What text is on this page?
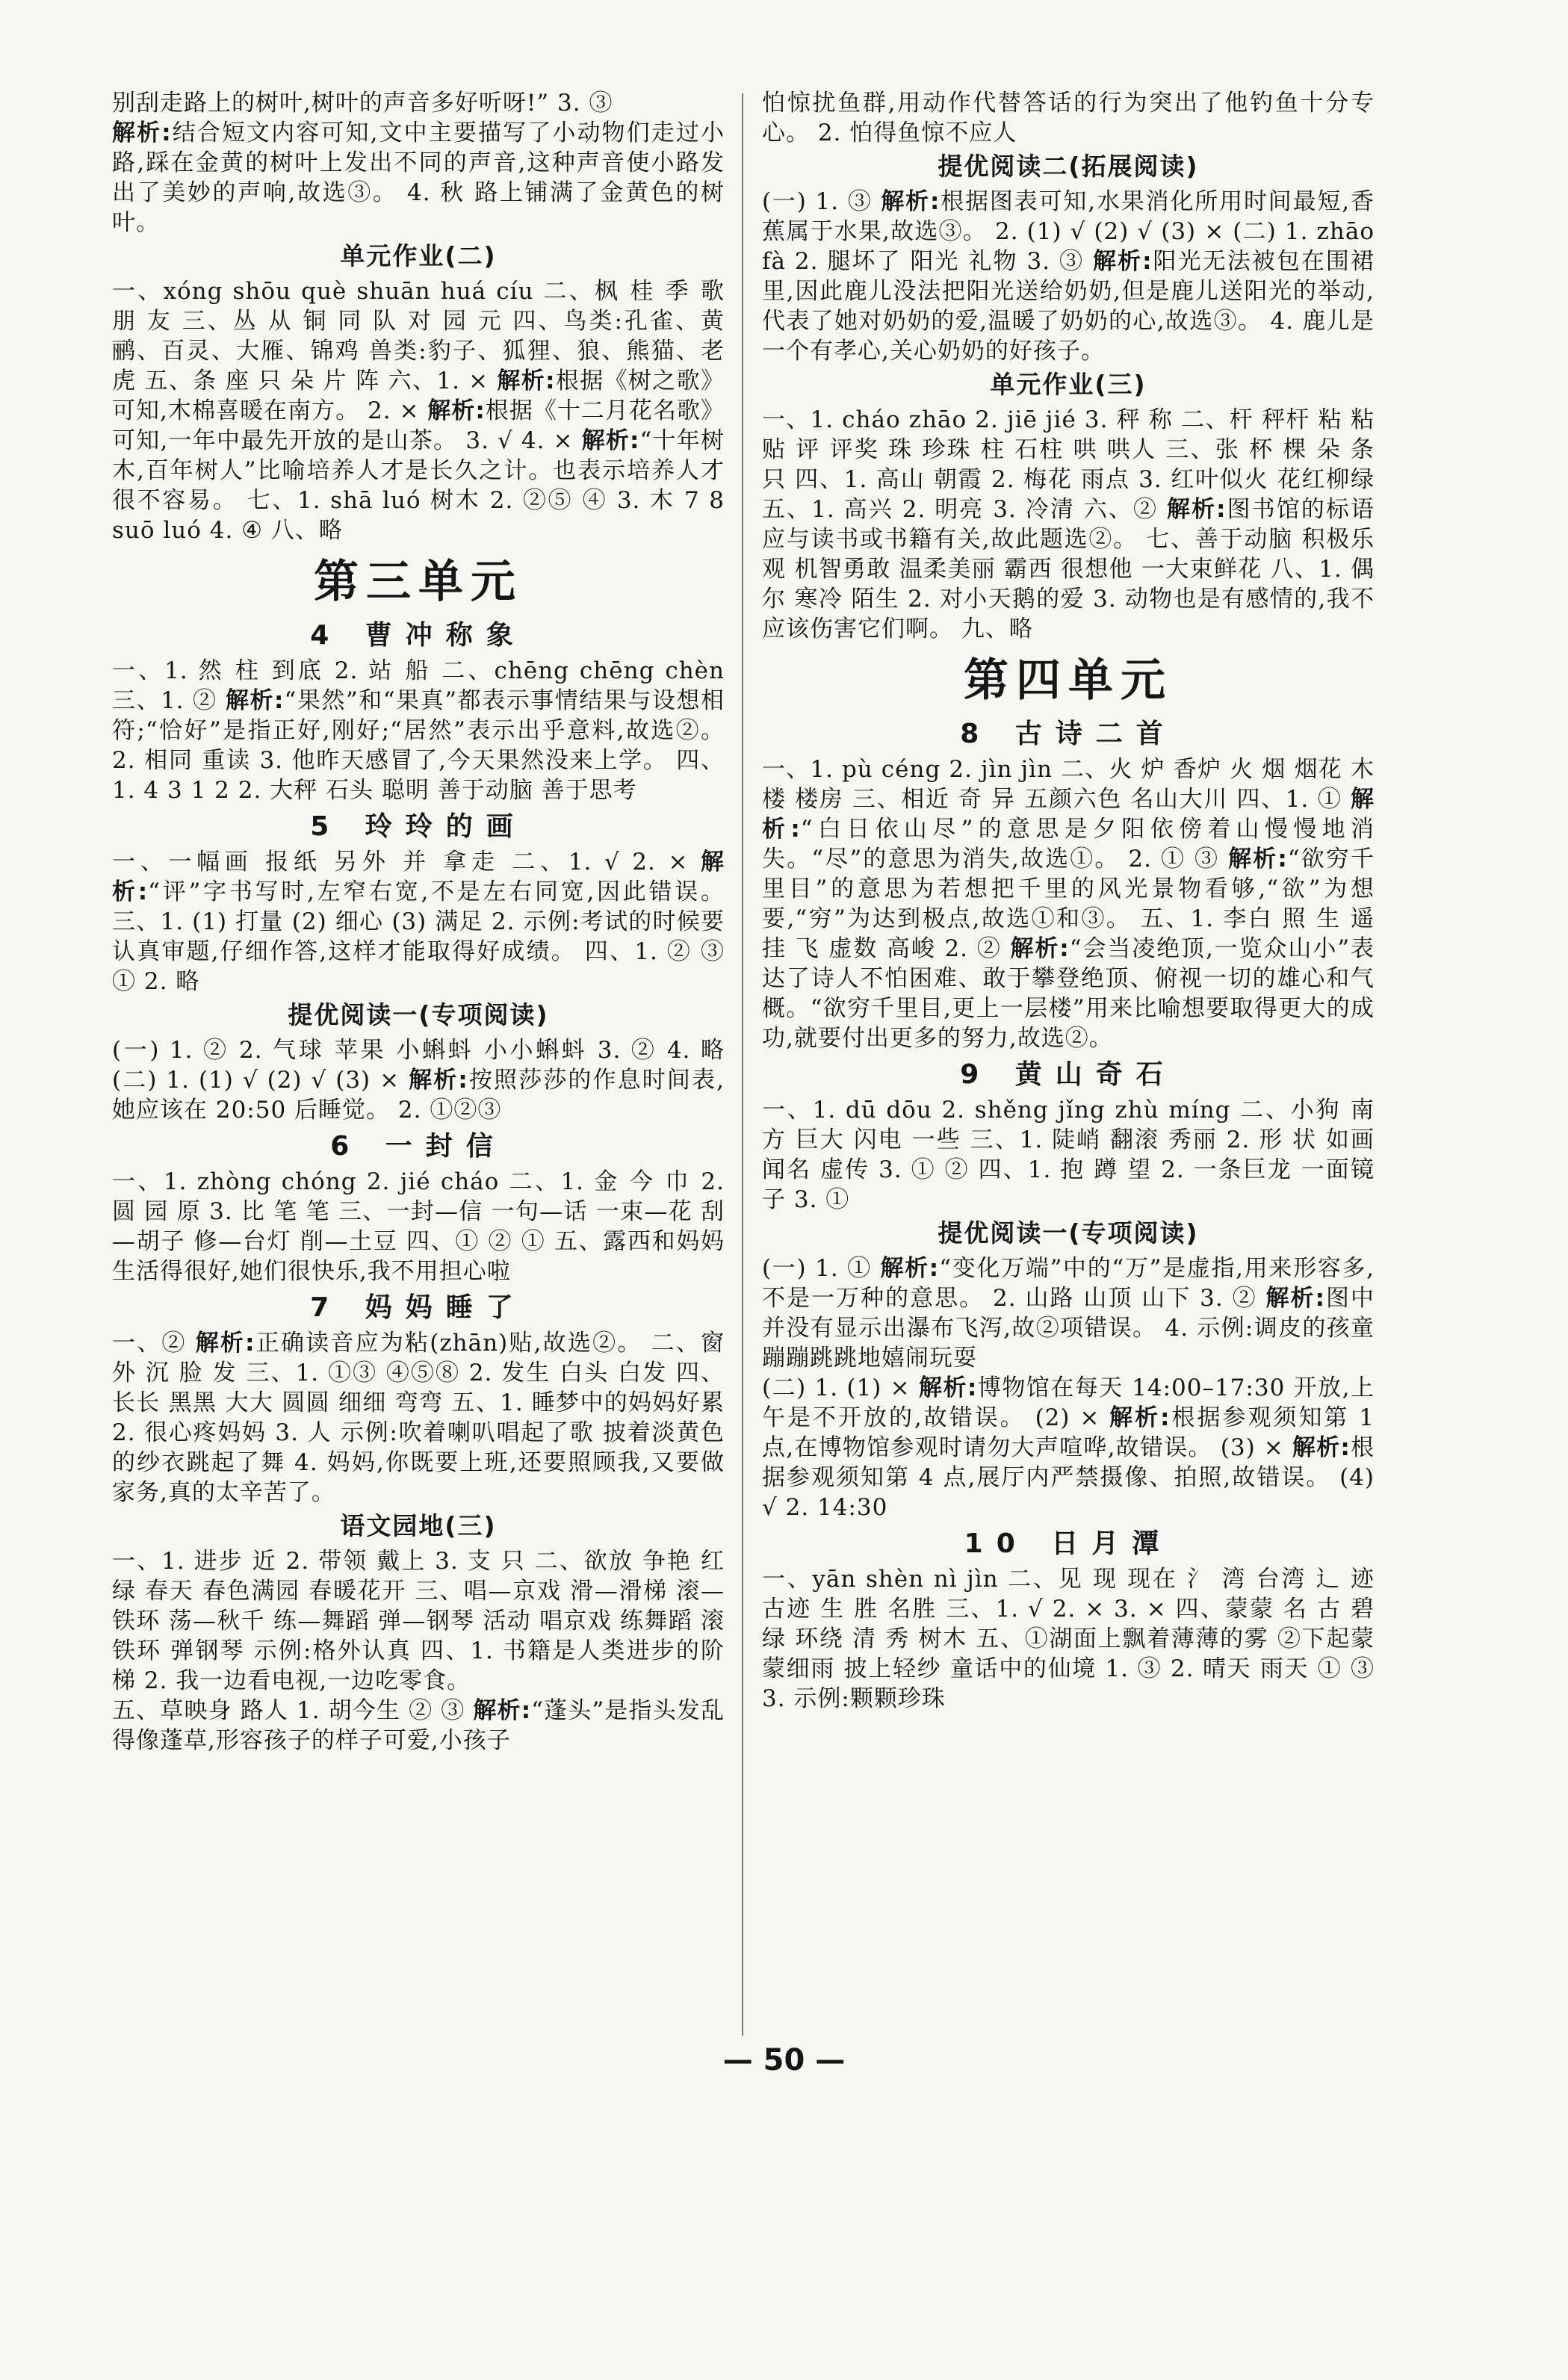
别刮走路上的树叶,树叶的声音多好听呀!” 3. ③

解析:结合短文内容可知,文中主要描写了小动物们走过小路,踩在金黄的树叶上发出不同的声音,这种声音使小路发出了美妙的声响,故选③。 4. 秋 路上铺满了金黄色的树叶。

单元作业(二)

一、xóng shōu què shuān huá cíu 二、枫 桂 季 歌 朋 友 三、丛 从 铜 同 队 对 园 元 四、鸟类:孔雀、黄鹂、百灵、大雁、锦鸡 兽类:豹子、狐狸、狼、熊猫、老虎 五、条 座 只 朵 片 阵 六、1. × 解析:根据《树之歌》可知,木棉喜暖在南方。 2. × 解析:根据《十二月花名歌》可知,一年中最先开放的是山茶。 3. √ 4. × 解析:“十年树木,百年树人”比喻培养人才是长久之计。也表示培养人才很不容易。 七、1. shā luó 树木 2. ②⑤ ④ 3. 木 7 8 suō luó 4. ④ 八、略

第三单元
4 曹冲称象

一、1. 然 柱 到底 2. 站 船 二、chēng chēng chèn 三、1. ② 解析:“果然”和“果真”都表示事情结果与设想相符;“恰好”是指正好,刚好;“居然”表示出乎意料,故选②。 2. 相同 重读 3. 他昨天感冒了,今天果然没来上学。 四、1. 4 3 1 2 2. 大秤 石头 聪明 善于动脑 善于思考

5 玲玲的画

一、一幅画 报纸 另外 并 拿走 二、1. √ 2. × 解析:“评”字书写时,左窄右宽,不是左右同宽,因此错误。 三、1. (1) 打量 (2) 细心 (3) 满足 2. 示例:考试的时候要认真审题,仔细作答,这样才能取得好成绩。 四、1. ② ③ ① 2. 略

提优阅读一(专项阅读)

(一) 1. ② 2. 气球 苹果 小蝌蚪 小小蝌蚪 3. ② 4. 略 (二) 1. (1) √ (2) √ (3) × 解析:按照莎莎的作息时间表,她应该在 20:50 后睡觉。 2. ①②③

6 一封信

一、1. zhòng chóng 2. jié cháo 二、1. 金 今 巾 2. 圆 园 原 3. 比 笔 笔 三、一封—信 一句—话 一束—花 刮—胡子 修—台灯 削—土豆 四、① ② ① 五、露西和妈妈生活得很好,她们很快乐,我不用担心啦

7 妈妈睡了

一、② 解析:正确读音应为粘(zhān)贴,故选②。 二、窗外 沉 脸 发 三、1. ①③ ④⑤⑧ 2. 发生 白头 白发 四、长长 黑黑 大大 圆圆 细细 弯弯 五、1. 睡梦中的妈妈好累 2. 很心疼妈妈 3. 人 示例:吹着喇叭唱起了歌 披着淡黄色的纱衣跳起了舞 4. 妈妈,你既要上班,还要照顾我,又要做家务,真的太辛苦了。

语文园地(三)

一、1. 进步 近 2. 带领 戴上 3. 支 只 二、欲放 争艳 红 绿 春天 春色满园 春暖花开 三、唱—京戏 滑—滑梯 滚—铁环 荡—秋千 练—舞蹈 弹—钢琴 活动 唱京戏 练舞蹈 滚铁环 弹钢琴 示例:格外认真 四、1. 书籍是人类进步的阶梯 2. 我一边看电视,一边吃零食。

五、草映身 路人 1. 胡今生 ② ③ 解析:“蓬头”是指头发乱得像蓬草,形容孩子的样子可爱,小孩子

怕惊扰鱼群,用动作代替答话的行为突出了他钓鱼十分专心。 2. 怕得鱼惊不应人

提优阅读二(拓展阅读)

(一) 1. ③ 解析:根据图表可知,水果消化所用时间最短,香蕉属于水果,故选③。 2. (1) √ (2) √ (3) × (二) 1. zhāo fà 2. 腿坏了 阳光 礼物 3. ③ 解析:阳光无法被包在围裙里,因此鹿儿没法把阳光送给奶奶,但是鹿儿送阳光的举动,代表了她对奶奶的爱,温暖了奶奶的心,故选③。 4. 鹿儿是一个有孝心,关心奶奶的好孩子。

单元作业(三)

一、1. cháo zhāo 2. jiē jié 3. 秤 称 二、杆 秤杆 粘 粘贴 评 评奖 珠 珍珠 柱 石柱 哄 哄人 三、张 杯 棵 朵 条 只 四、1. 高山 朝霞 2. 梅花 雨点 3. 红叶似火 花红柳绿 五、1. 高兴 2. 明亮 3. 冷清 六、② 解析:图书馆的标语应与读书或书籍有关,故此题选②。 七、善于动脑 积极乐观 机智勇敢 温柔美丽 霸西 很想他 一大束鲜花 八、1. 偶尔 寒冷 陌生 2. 对小天鹅的爱 3. 动物也是有感情的,我不应该伤害它们啊。 九、略

第四单元
8 古诗二首

一、1. pù céng 2. jìn jìn 二、火 炉 香炉 火 烟 烟花 木 楼 楼房 三、相近 奇 异 五颜六色 名山大川 四、1. ① 解析:“白日依山尽”的意思是夕阳依傍着山慢慢地消失。“尽”的意思为消失,故选①。 2. ① ③ 解析:“欲穷千里目”的意思为若想把千里的风光景物看够,“欲”为想要,“穷”为达到极点,故选①和③。 五、1. 李白 照 生 遥 挂 飞 虚数 高峻 2. ② 解析:“会当凌绝顶,一览众山小”表达了诗人不怕困难、敢于攀登绝顶、俯视一切的雄心和气概。“欲穷千里目,更上一层楼”用来比喻想要取得更大的成功,就要付出更多的努力,故选②。

9 黄山奇石

一、1. dū dōu 2. shěng jǐng zhù míng 二、小狗 南方 巨大 闪电 一些 三、1. 陡峭 翻滚 秀丽 2. 形 状 如画 闻名 虚传 3. ① ② 四、1. 抱 蹲 望 2. 一条巨龙 一面镜子 3. ①

提优阅读一(专项阅读)

(一) 1. ① 解析:“变化万端”中的“万”是虚指,用来形容多,不是一万种的意思。 2. 山路 山顶 山下 3. ② 解析:图中并没有显示出瀑布飞泻,故②项错误。 4. 示例:调皮的孩童 蹦蹦跳跳地嬉闹玩耍

(二) 1. (1) × 解析:博物馆在每天 14:00–17:30 开放,上午是不开放的,故错误。 (2) × 解析:根据参观须知第 1 点,在博物馆参观时请勿大声喧哗,故错误。 (3) × 解析:根据参观须知第 4 点,展厅内严禁摄像、拍照,故错误。 (4) √ 2. 14:30

10 日月潭

一、yān shèn nì jìn 二、见 现 现在 氵 湾 台湾 辶 迹 古迹 生 胜 名胜 三、1. √ 2. × 3. × 四、蒙蒙 名 古 碧绿 环绕 清 秀 树木 五、①湖面上飘着薄薄的雾 ②下起蒙蒙细雨 披上轻纱 童话中的仙境 1. ③ 2. 晴天 雨天 ① ③ 3. 示例:颗颗珍珠

— 50 —
